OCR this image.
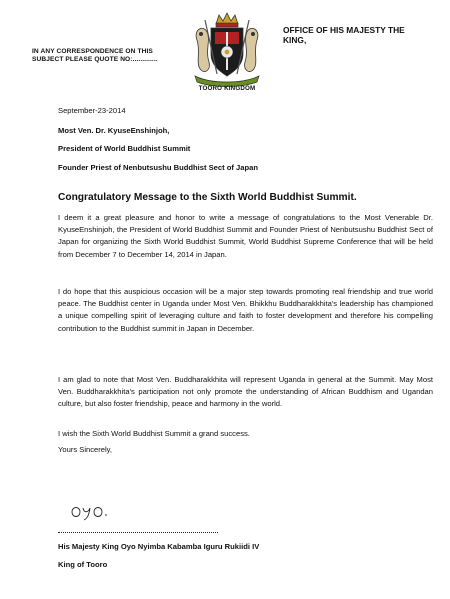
IN ANY CORRESPONDENCE ON THIS
SUBJECT PLEASE QUOTE NO:.............
TOORO KINGDOM
OFFICE OF HIS MAJESTY THE
KING,
September-23-2014
Most Ven. Dr. KyuseEnshinjoh,
President of World Buddhist Summit
Founder Priest of Nenbutsushu Buddhist Sect of Japan
Congratulatory Message to the Sixth World Buddhist Summit.

I deem it a great pleasure and honor to write a message of congratulations to the Most Venerable Dr. KyuseEnshinjoh, the President of World Buddhist Summit and Founder Priest of Nenbutsushu Buddhist Sect of Japan for organizing the Sixth World Buddhist Summit, World Buddhist Supreme Conference that will be held from December 7 to December 14, 2014 in Japan.

I do hope that this auspicious occasion will be a major step towards promoting real friendship and true world peace. The Buddhist center in Uganda under Most Ven. Bhikkhu Buddharakkhita's leadership has championed a unique compelling spirit of leveraging culture and faith to foster development and therefore his compelling contribution to the Buddhist summit in Japan in December.

I am glad to note that Most Ven. Buddharakkhita will represent Uganda in general at the Summit. May Most Ven. Buddharakkhita's participation not only promote the understanding of African Buddhism and Ugandan culture, but also foster friendship, peace and harmony in the world.

I wish the Sixth World Buddhist Summit a grand success.

Yours Sincerely,

His Majesty King Oyo Nyimba Kabamba Iguru Rukiidi IV
King of Tooro
